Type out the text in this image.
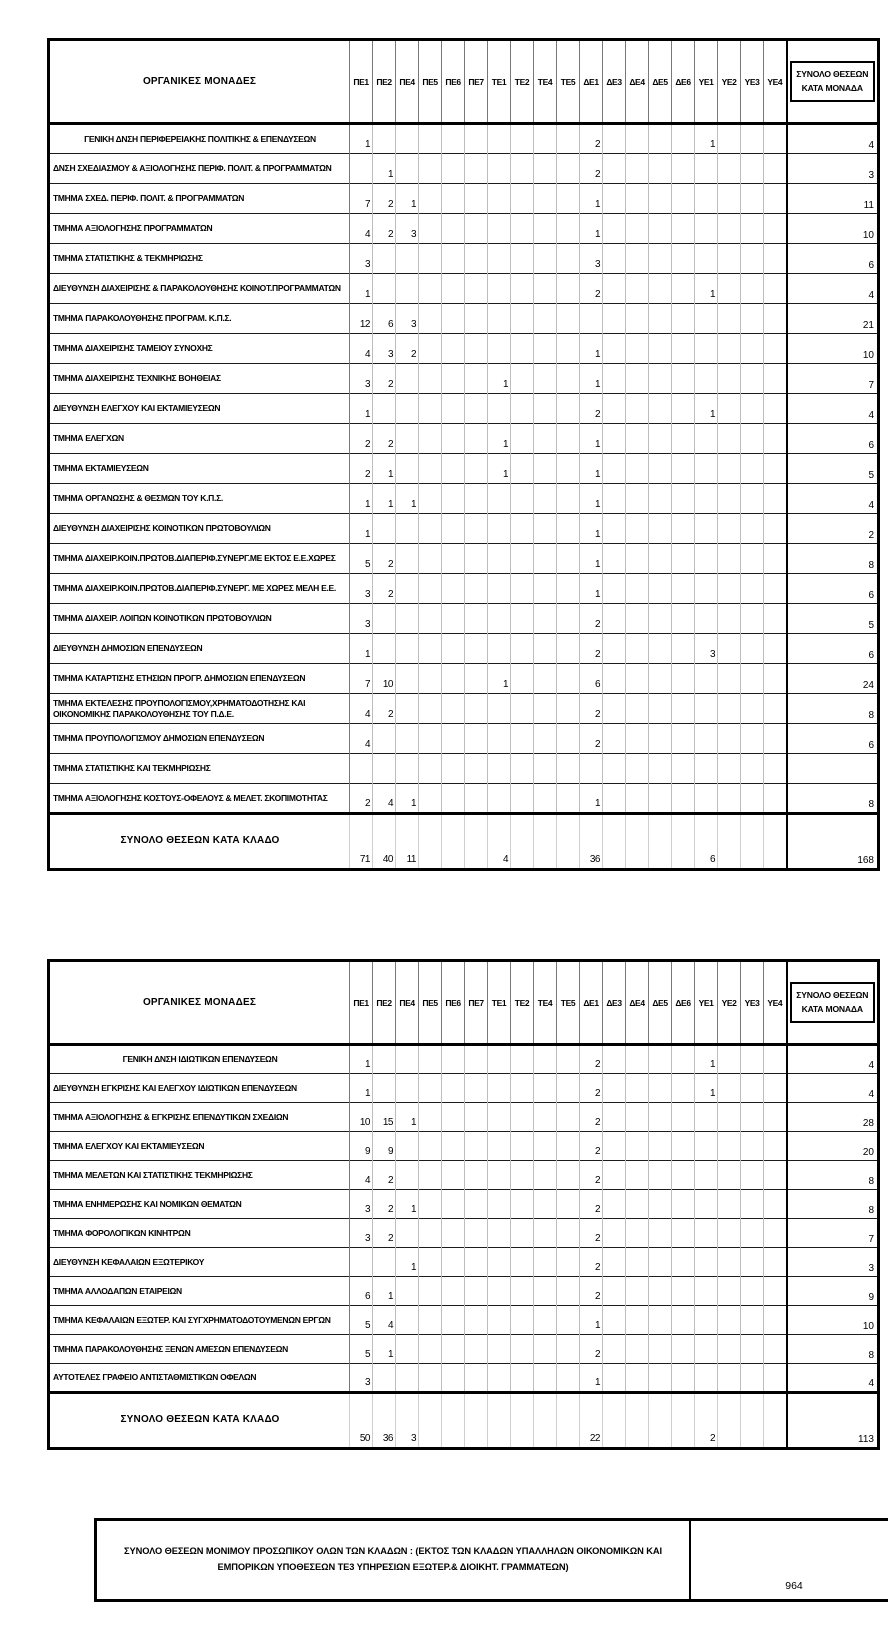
ΟΡΓΑΝΙΚΕΣ ΜΟΝΑΔΕΣ	ΠΕ1	ΠΕ2	ΠΕ4	ΠΕ5	ΠΕ6	ΠΕ7	ΤΕ1	ΤΕ2	ΤΕ4	ΤΕ5	ΔΕ1	ΔΕ3	ΔΕ4	ΔΕ5	ΔΕ6	ΥΕ1	ΥΕ2	ΥΕ3	ΥΕ4	ΣΥΝΟΛΟ ΘΕΣΕΩΝ ΚΑΤΑ ΜΟΝΑΔΑ

ΓΕΝΙΚΗ ΔΝΣΗ ΠΕΡΙΦΕΡΕΙΑΚΗΣ ΠΟΛΙΤΙΚΗΣ & ΕΠΕΝΔΥΣΕΩΝ	1										2					1				4
ΔΝΣΗ ΣΧΕΔΙΑΣΜΟΥ & ΑΞΙΟΛΟΓΗΣΗΣ ΠΕΡΙΦ. ΠΟΛΙΤ. & ΠΡΟΓΡΑΜΜΑΤΩΝ		1									2									3
ΤΜΗΜΑ ΣΧΕΔ. ΠΕΡΙΦ. ΠΟΛΙΤ. & ΠΡΟΓΡΑΜΜΑΤΩΝ	7	2	1								1									11
ΤΜΗΜΑ ΑΞΙΟΛΟΓΗΣΗΣ ΠΡΟΓΡΑΜΜΑΤΩΝ	4	2	3								1									10
ΤΜΗΜΑ ΣΤΑΤΙΣΤΙΚΗΣ & ΤΕΚΜΗΡΙΩΣΗΣ	3										3									6
ΔΙΕΥΘΥΝΣΗ ΔΙΑΧΕΙΡΙΣΗΣ & ΠΑΡΑΚΟΛΟΥΘΗΣΗΣ ΚΟΙΝΟΤ.ΠΡΟΓΡΑΜΜΑΤΩΝ	1										2					1				4
ΤΜΗΜΑ ΠΑΡΑΚΟΛΟΥΘΗΣΗΣ ΠΡΟΓΡΑΜ. Κ.Π.Σ.	12	6	3																	21
ΤΜΗΜΑ ΔΙΑΧΕΙΡΙΣΗΣ ΤΑΜΕΙΟΥ ΣΥΝΟΧΗΣ	4	3	2								1									10
ΤΜΗΜΑ ΔΙΑΧΕΙΡΙΣΗΣ ΤΕΧΝΙΚΗΣ ΒΟΗΘΕΙΑΣ	3	2					1				1									7
ΔΙΕΥΘΥΝΣΗ ΕΛΕΓΧΟΥ ΚΑΙ ΕΚΤΑΜΙΕΥΣΕΩΝ	1										2					1				4
ΤΜΗΜΑ ΕΛΕΓΧΩΝ	2	2					1				1									6
ΤΜΗΜΑ ΕΚΤΑΜΙΕΥΣΕΩΝ	2	1					1				1									5
ΤΜΗΜΑ ΟΡΓΑΝΩΣΗΣ & ΘΕΣΜΩΝ ΤΟΥ Κ.Π.Σ.	1	1	1								1									4
ΔΙΕΥΘΥΝΣΗ ΔΙΑΧΕΙΡΙΣΗΣ ΚΟΙΝΟΤΙΚΩΝ ΠΡΩΤΟΒΟΥΛΙΩΝ	1										1									2
ΤΜΗΜΑ ΔΙΑΧΕΙΡ.ΚΟΙΝ.ΠΡΩΤΟΒ.ΔΙΑΠΕΡΙΦ.ΣΥΝΕΡΓ.ΜΕ ΕΚΤΟΣ Ε.Ε.ΧΩΡΕΣ	5	2									1									8
ΤΜΗΜΑ ΔΙΑΧΕΙΡ.ΚΟΙΝ.ΠΡΩΤΟΒ.ΔΙΑΠΕΡΙΦ.ΣΥΝΕΡΓ. ΜΕ ΧΩΡΕΣ ΜΕΛΗ Ε.Ε.	3	2									1									6
ΤΜΗΜΑ ΔΙΑΧΕΙΡ. ΛΟΙΠΩΝ ΚΟΙΝΟΤΙΚΩΝ ΠΡΩΤΟΒΟΥΛΙΩΝ	3										2									5
ΔΙΕΥΘΥΝΣΗ ΔΗΜΟΣΙΩΝ ΕΠΕΝΔΥΣΕΩΝ	1										2					3				6
ΤΜΗΜΑ ΚΑΤΑΡΤΙΣΗΣ ΕΤΗΣΙΩΝ ΠΡΟΓΡ. ΔΗΜΟΣΙΩΝ ΕΠΕΝΔΥΣΕΩΝ	7	10					1				6									24
ΤΜΗΜΑ ΕΚΤΕΛΕΣΗΣ ΠΡΟΥΠΟΛΟΓΙΣΜΟΥ,ΧΡΗΜΑΤΟΔΟΤΗΣΗΣ ΚΑΙ ΟΙΚΟΝΟΜΙΚΗΣ ΠΑΡΑΚΟΛΟΥΘΗΣΗΣ ΤΟΥ Π.Δ.Ε.	4	2									2									8
ΤΜΗΜΑ ΠΡΟΥΠΟΛΟΓΙΣΜΟΥ ΔΗΜΟΣΙΩΝ ΕΠΕΝΔΥΣΕΩΝ	4										2									6
ΤΜΗΜΑ ΣΤΑΤΙΣΤΙΚΗΣ ΚΑΙ ΤΕΚΜΗΡΙΩΣΗΣ																				
ΤΜΗΜΑ ΑΞΙΟΛΟΓΗΣΗΣ ΚΟΣΤΟΥΣ-ΟΦΕΛΟΥΣ & ΜΕΛΕΤ. ΣΚΟΠΙΜΟΤΗΤΑΣ	2	4	1								1									8
ΣΥΝΟΛΟ ΘΕΣΕΩΝ ΚΑΤΑ ΚΛΑΔΟ	71	40	11				4				36					6				168
ΟΡΓΑΝΙΚΕΣ ΜΟΝΑΔΕΣ	ΠΕ1	ΠΕ2	ΠΕ4	ΠΕ5	ΠΕ6	ΠΕ7	ΤΕ1	ΤΕ2	ΤΕ4	ΤΕ5	ΔΕ1	ΔΕ3	ΔΕ4	ΔΕ5	ΔΕ6	ΥΕ1	ΥΕ2	ΥΕ3	ΥΕ4	ΣΥΝΟΛΟ ΘΕΣΕΩΝ ΚΑΤΑ ΜΟΝΑΔΑ

ΓΕΝΙΚΗ ΔΝΣΗ ΙΔΙΩΤΙΚΩΝ ΕΠΕΝΔΥΣΕΩΝ	1										2					1				4
ΔΙΕΥΘΥΝΣΗ ΕΓΚΡΙΣΗΣ ΚΑΙ ΕΛΕΓΧΟΥ ΙΔΙΩΤΙΚΩΝ ΕΠΕΝΔΥΣΕΩΝ	1										2					1				4
ΤΜΗΜΑ ΑΞΙΟΛΟΓΗΣΗΣ & ΕΓΚΡΙΣΗΣ ΕΠΕΝΔΥΤΙΚΩΝ ΣΧΕΔΙΩΝ	10	15	1								2									28
ΤΜΗΜΑ ΕΛΕΓΧΟΥ ΚΑΙ ΕΚΤΑΜΙΕΥΣΕΩΝ	9	9									2									20
ΤΜΗΜΑ ΜΕΛΕΤΩΝ ΚΑΙ ΣΤΑΤΙΣΤΙΚΗΣ ΤΕΚΜΗΡΙΩΣΗΣ	4	2									2									8
ΤΜΗΜΑ ΕΝΗΜΕΡΩΣΗΣ ΚΑΙ ΝΟΜΙΚΩΝ ΘΕΜΑΤΩΝ	3	2	1								2									8
ΤΜΗΜΑ ΦΟΡΟΛΟΓΙΚΩΝ ΚΙΝΗΤΡΩΝ	3	2									2									7
ΔΙΕΥΘΥΝΣΗ ΚΕΦΑΛΑΙΩΝ ΕΞΩΤΕΡΙΚΟΥ			1								2									3
ΤΜΗΜΑ ΑΛΛΟΔΑΠΩΝ ΕΤΑΙΡΕΙΩΝ	6	1									2									9
ΤΜΗΜΑ ΚΕΦΑΛΑΙΩΝ ΕΞΩΤΕΡ. ΚΑΙ ΣΥΓΧΡΗΜΑΤΟΔΟΤΟΥΜΕΝΩΝ ΕΡΓΩΝ	5	4									1									10
ΤΜΗΜΑ ΠΑΡΑΚΟΛΟΥΘΗΣΗΣ ΞΕΝΩΝ ΑΜΕΣΩΝ ΕΠΕΝΔΥΣΕΩΝ	5	1									2									8
ΑΥΤΟΤΕΛΕΣ ΓΡΑΦΕΙΟ ΑΝΤΙΣΤΑΘΜΙΣΤΙΚΩΝ ΟΦΕΛΩΝ	3										1									4
ΣΥΝΟΛΟ ΘΕΣΕΩΝ ΚΑΤΑ ΚΛΑΔΟ	50	36	3								22					2				113
ΣΥΝΟΛΟ ΘΕΣΕΩΝ ΜΟΝΙΜΟΥ ΠΡΟΣΩΠΙΚΟΥ ΟΛΩΝ ΤΩΝ ΚΛΑΔΩΝ : (ΕΚΤΟΣ ΤΩΝ ΚΛΑΔΩΝ ΥΠΑΛΛΗΛΩΝ ΟΙΚΟΝΟΜΙΚΩΝ ΚΑΙ ΕΜΠΟΡΙΚΩΝ ΥΠΟΘΕΣΕΩΝ ΤΕ3 ΥΠΗΡΕΣΙΩΝ ΕΞΩΤΕΡ.& ΔΙΟΙΚΗΤ. ΓΡΑΜΜΑΤΕΩΝ)
964
